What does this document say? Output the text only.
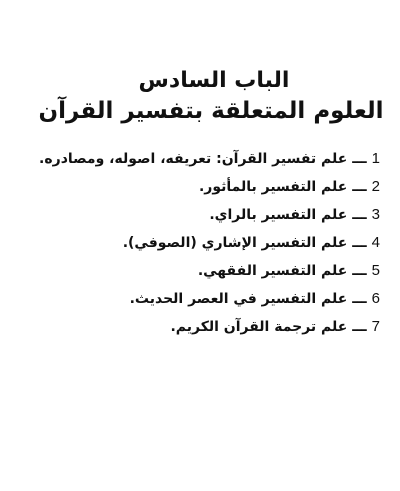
الباب السادس
العلوم المتعلقة بتفسير القرآن
علم تفسير القرآن: تعريفه، اصوله، ومصادره. ـــ 1
علم التفسير بالمأثور. ـــ 2
علم التفسير بالراي. ـــ 3
علم التفسير الإشاري (الصوفي). ـــ 4
علم التفسير الفقهي. ـــ 5
علم التفسير في العصر الحديث. ـــ 6
علم ترجمة القرآن الكريم. ـــ 7
